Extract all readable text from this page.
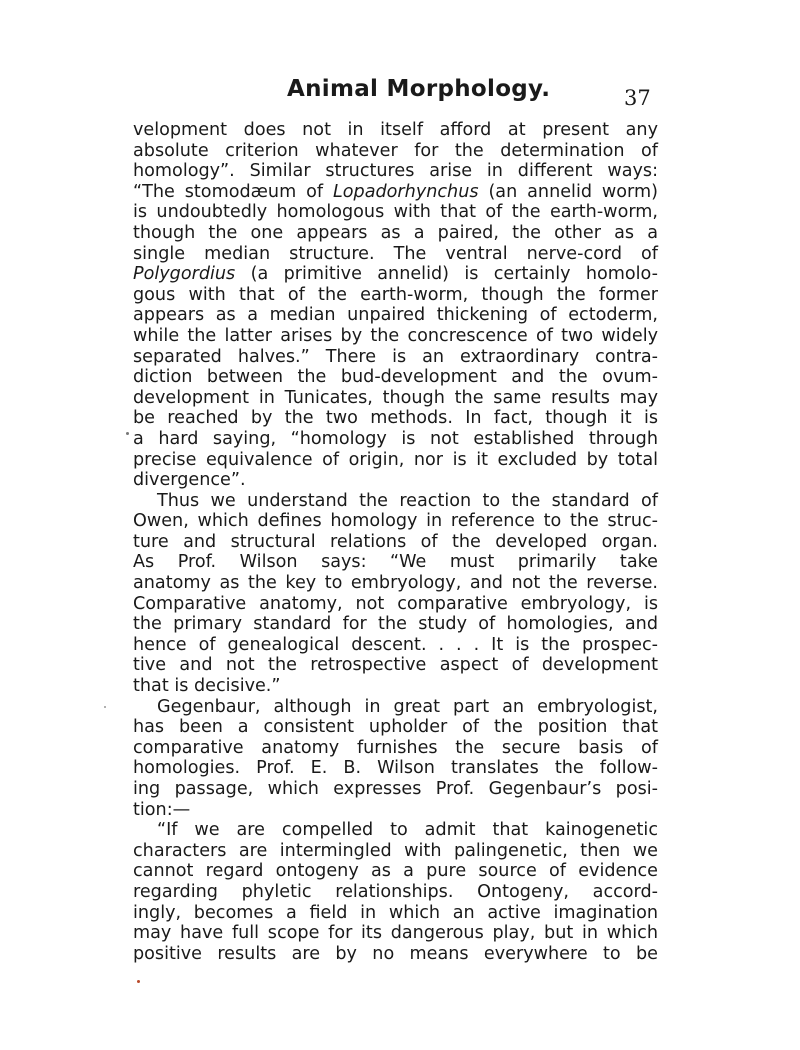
Animal Morphology.	37
velopment does not in itself afford at present any
absolute criterion whatever for the determination of
homology”. Similar structures arise in different ways:
“The stomodæum of Lopadorhynchus (an annelid worm)
is undoubtedly homologous with that of the earth-worm,
though the one appears as a paired, the other as a
single median structure. The ventral nerve-cord of
Polygordius (a primitive annelid) is certainly homolo-
gous with that of the earth-worm, though the former
appears as a median unpaired thickening of ectoderm,
while the latter arises by the concrescence of two widely
separated halves.” There is an extraordinary contra-
diction between the bud-development and the ovum-
development in Tunicates, though the same results may
be reached by the two methods. In fact, though it is
a hard saying, “homology is not established through
precise equivalence of origin, nor is it excluded by total
divergence”.
Thus we understand the reaction to the standard of
Owen, which defines homology in reference to the struc-
ture and structural relations of the developed organ.
As Prof. Wilson says: “We must primarily take
anatomy as the key to embryology, and not the reverse.
Comparative anatomy, not comparative embryology, is
the primary standard for the study of homologies, and
hence of genealogical descent. . . . It is the prospec-
tive and not the retrospective aspect of development
that is decisive.”
Gegenbaur, although in great part an embryologist,
has been a consistent upholder of the position that
comparative anatomy furnishes the secure basis of
homologies. Prof. E. B. Wilson translates the follow-
ing passage, which expresses Prof. Gegenbaur’s posi-
tion:—
“If we are compelled to admit that kainogenetic
characters are intermingled with palingenetic, then we
cannot regard ontogeny as a pure source of evidence
regarding phyletic relationships. Ontogeny, accord-
ingly, becomes a field in which an active imagination
may have full scope for its dangerous play, but in which
positive results are by no means everywhere to be
